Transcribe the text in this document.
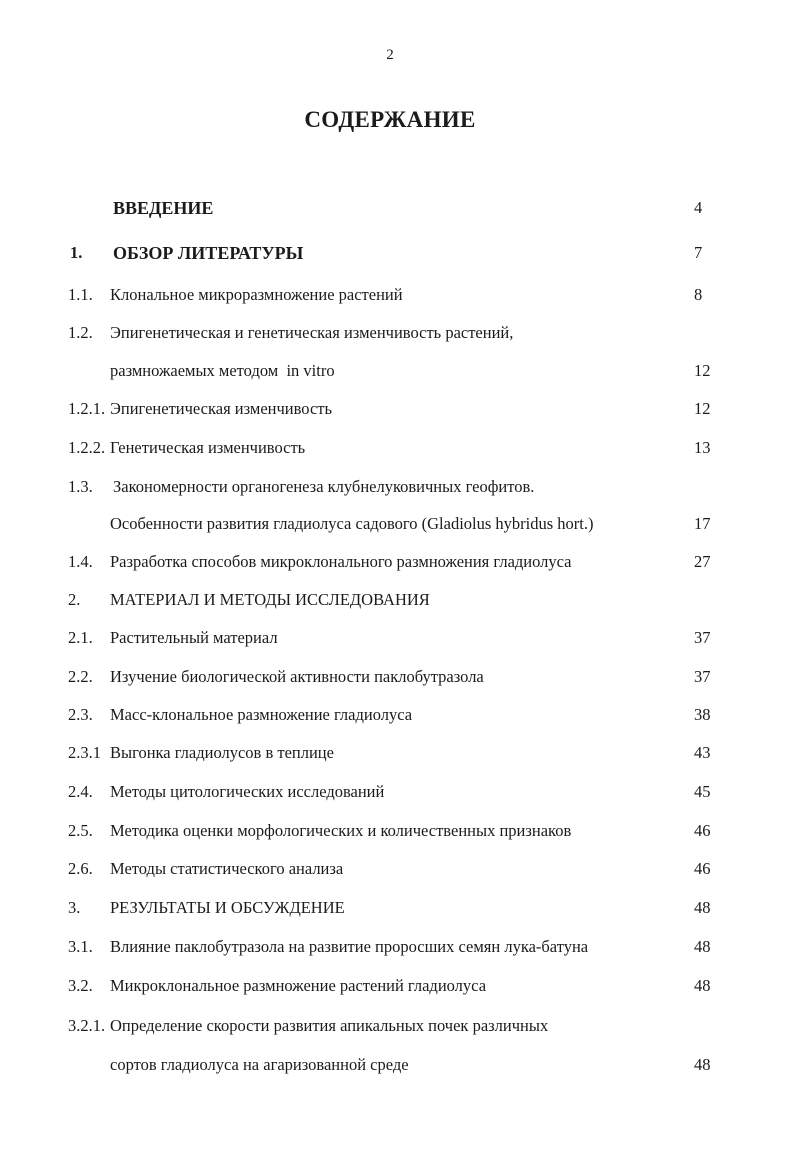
2
СОДЕРЖАНИЕ
ВВЕДЕНИЕ	4
1. ОБЗОР ЛИТЕРАТУРЫ	7
1.1. Клональное микроразмножение растений	8
1.2. Эпигенетическая и генетическая изменчивость растений,
размножаемых методом  in vitro	12
1.2.1. Эпигенетическая изменчивость	12
1.2.2. Генетическая изменчивость	13
1.3. Закономерности органогенеза клубнелуковичных геофитов.
Особенности развития гладиолуса садового (Gladiolus hybridus hort.)	17
1.4. Разработка способов микроклонального размножения гладиолуса	27
2. МАТЕРИАЛ И МЕТОДЫ ИССЛЕДОВАНИЯ
2.1. Растительный материал	37
2.2. Изучение биологической активности паклобутразола	37
2.3. Масс-клональное размножение гладиолуса	38
2.3.1 Выгонка гладиолусов в теплице	43
2.4. Методы цитологических исследований	45
2.5. Методика оценки морфологических и количественных признаков	46
2.6. Методы статистического анализа	46
3. РЕЗУЛЬТАТЫ И ОБСУЖДЕНИЕ	48
3.1. Влияние паклобутразола на развитие проросших семян лука-батуна	48
3.2. Микроклональное размножение растений гладиолуса	48
3.2.1. Определение скорости развития апикальных почек различных
сортов гладиолуса на агаризованной среде	48
